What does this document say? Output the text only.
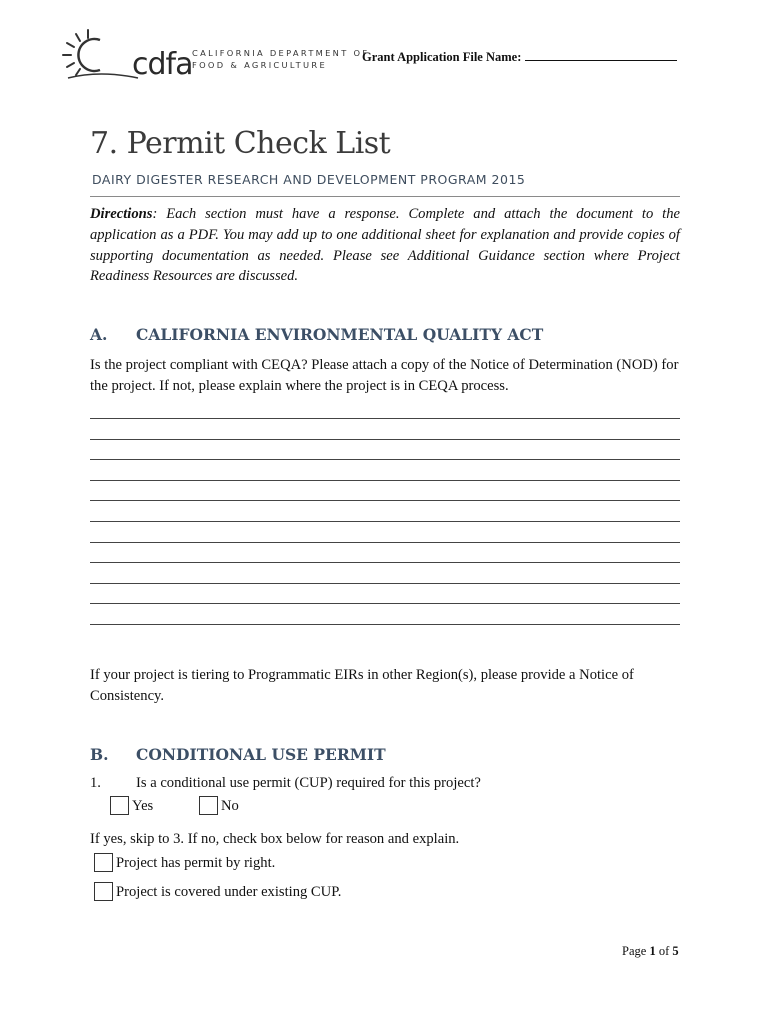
cdfa CALIFORNIA DEPARTMENT OF
FOOD & AGRICULTURE
Grant Application File Name:
7. Permit Check List
DAIRY DIGESTER RESEARCH AND DEVELOPMENT PROGRAM 2015
Directions: Each section must have a response. Complete and attach the document to the application as a PDF. You may add up to one additional sheet for explanation and provide copies of supporting documentation as needed. Please see Additional Guidance section where Project Readiness Resources are discussed.
A. CALIFORNIA ENVIRONMENTAL QUALITY ACT
Is the project compliant with CEQA? Please attach a copy of the Notice of Determination (NOD) for the project. If not, please explain where the project is in CEQA process.
If your project is tiering to Programmatic EIRs in other Region(s), please provide a Notice of Consistency.
B. CONDITIONAL USE PERMIT
1. Is a conditional use permit (CUP) required for this project?
Yes	No
If yes, skip to 3. If no, check box below for reason and explain.
Project has permit by right.
Project is covered under existing CUP.
Page 1 of 5
